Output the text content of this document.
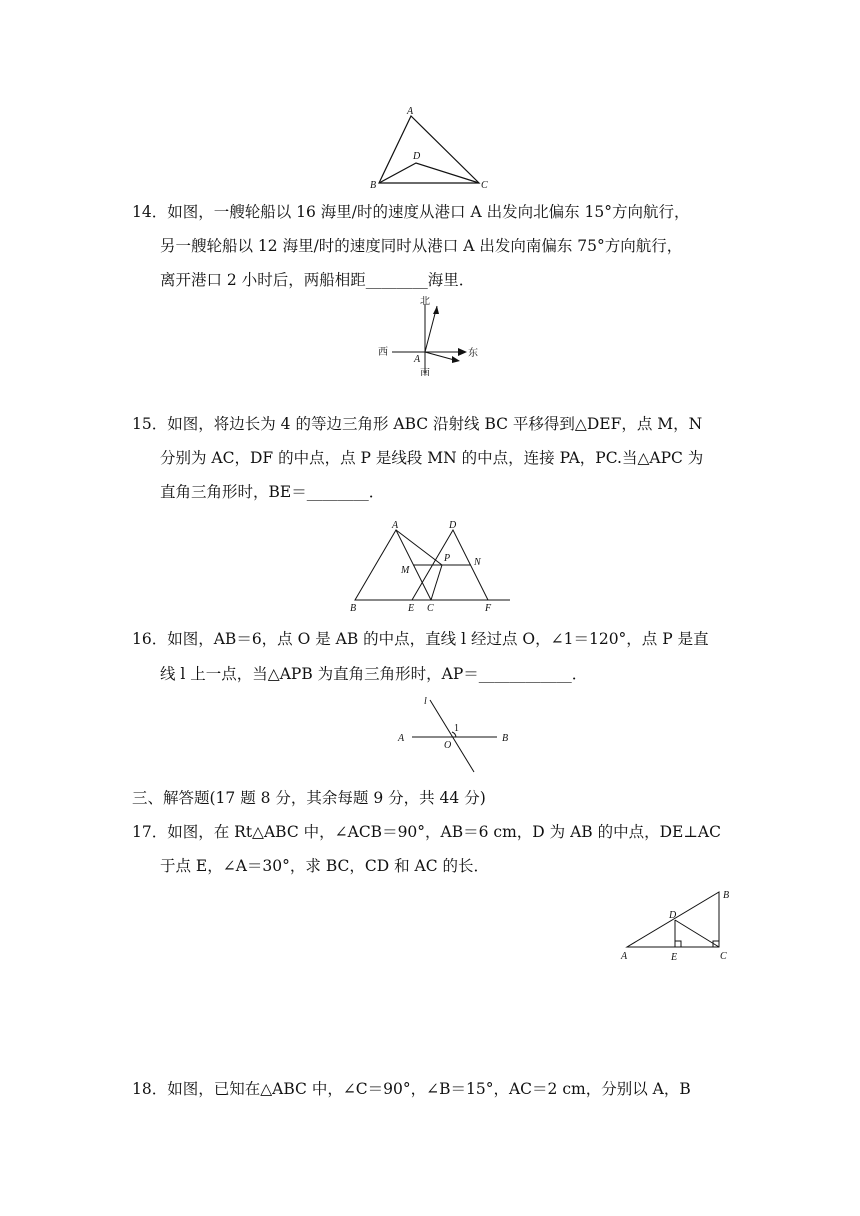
A
B	C
D
14．如图，一艘轮船以 16 海里/时的速度从港口 A 出发向北偏东 15°方向航行，
另一艘轮船以 12 海里/时的速度同时从港口 A 出发向南偏东 75°方向航行，
离开港口 2 小时后，两船相距________海里．
北
西	东
南
A
15．如图，将边长为 4 的等边三角形 ABC 沿射线 BC 平移得到△DEF，点 M，N
分别为 AC，DF 的中点，点 P 是线段 MN 的中点，连接 PA，PC.当△APC 为
直角三角形时，BE＝________．
A	D
B	E C	F
M
N
P
16．如图，AB＝6，点 O 是 AB 的中点，直线 l 经过点 O，∠1＝120°，点 P 是直
线 l 上一点，当△APB 为直角三角形时，AP＝____________．
l
A	B
O
1
三、解答题(17 题 8 分，其余每题 9 分，共 44 分)
17．如图，在 Rt△ABC 中，∠ACB＝90°，AB＝6 cm，D 为 AB 的中点，DE⊥AC
于点 E，∠A＝30°，求 BC，CD 和 AC 的长．
B
D
A	E	C
18．如图，已知在△ABC 中，∠C＝90°，∠B＝15°，AC＝2 cm，分别以 A，B
